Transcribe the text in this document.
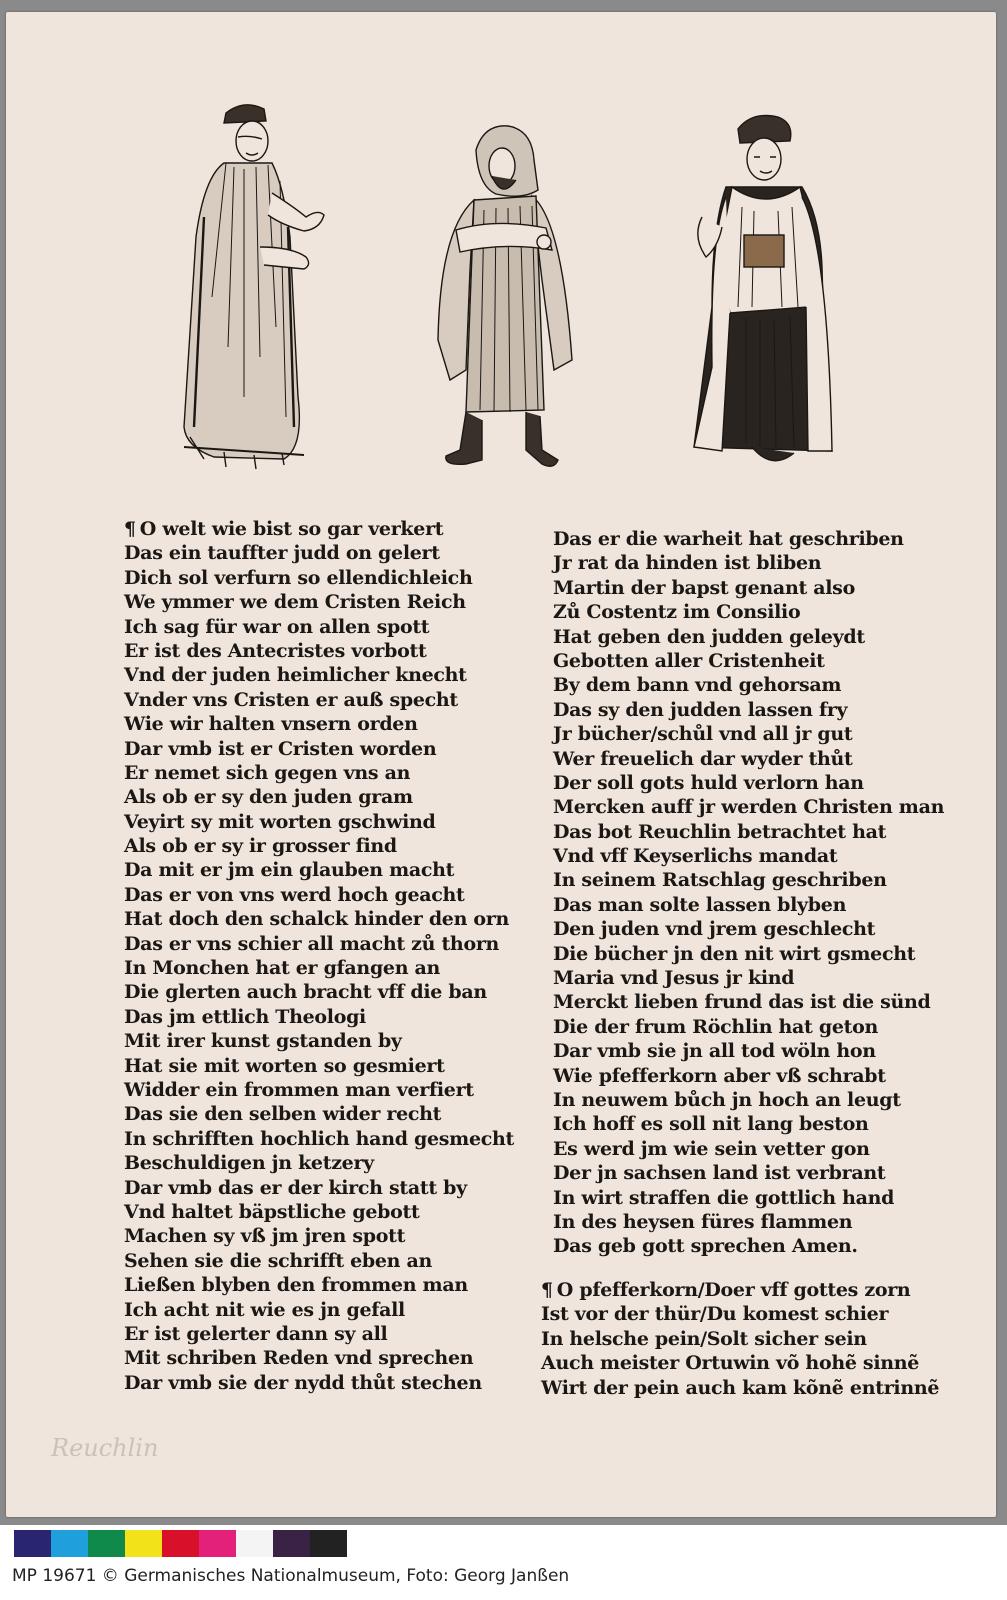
¶ O welt wie bist so gar verkert
Das ein tauffter judd on gelert
Dich sol verfurn so ellendichleich
We ymmer we dem Cristen Reich
Ich sag für war on allen spott
Er ist des Antecristes vorbott
Vnd der juden heimlicher knecht
Vnder vns Cristen er auß specht
Wie wir halten vnsern orden
Dar vmb ist er Cristen worden
Er nemet sich gegen vns an
Als ob er sy den juden gram
Veyirt sy mit worten gschwind
Als ob er sy ir grosser find
Da mit er jm ein glauben macht
Das er von vns werd hoch geacht
Hat doch den schalck hinder den orn
Das er vns schier all macht zů thorn
In Monchen hat er gfangen an
Die glerten auch bracht vff die ban
Das jm ettlich Theologi
Mit irer kunst gstanden by
Hat sie mit worten so gesmiert
Widder ein frommen man verfiert
Das sie den selben wider recht
In schrifften hochlich hand gesmecht
Beschuldigen jn ketzery
Dar vmb das er der kirch statt by
Vnd haltet bäpstliche gebott
Machen sy vß jm jren spott
Sehen sie die schrifft eben an
Ließen blyben den frommen man
Ich acht nit wie es jn gefall
Er ist gelerter dann sy all
Mit schriben Reden vnd sprechen
Dar vmb sie der nydd thůt stechen
Das er die warheit hat geschriben
Jr rat da hinden ist bliben
Martin der bapst genant also
Zů Costentz im Consilio
Hat geben den judden geleydt
Gebotten aller Cristenheit
By dem bann vnd gehorsam
Das sy den judden lassen fry
Jr bücher/schůl vnd all jr gut
Wer freuelich dar wyder thůt
Der soll gots huld verlorn han
Mercken auff jr werden Christen man
Das bot Reuchlin betrachtet hat
Vnd vff Keyserlichs mandat
In seinem Ratschlag geschriben
Das man solte lassen blyben
Den juden vnd jrem geschlecht
Die bücher jn den nit wirt gsmecht
Maria vnd Jesus jr kind
Merckt lieben frund das ist die sünd
Die der frum Röchlin hat geton
Dar vmb sie jn all tod wöln hon
Wie pfefferkorn aber vß schrabt
In neuwem bůch jn hoch an leugt
Ich hoff es soll nit lang beston
Es werd jm wie sein vetter gon
Der jn sachsen land ist verbrant
In wirt straffen die gottlich hand
In des heysen füres flammen
Das geb gott sprechen Amen.
¶ O pfefferkorn/Doer vff gottes zorn
Ist vor der thür/Du komest schier
In helsche pein/Solt sicher sein
Auch meister Ortuwin võ hohẽ sinnẽ
Wirt der pein auch kam kõnẽ entrinnẽ
Reuchlin
MP 19671 © Germanisches Nationalmuseum, Foto: Georg Janßen
